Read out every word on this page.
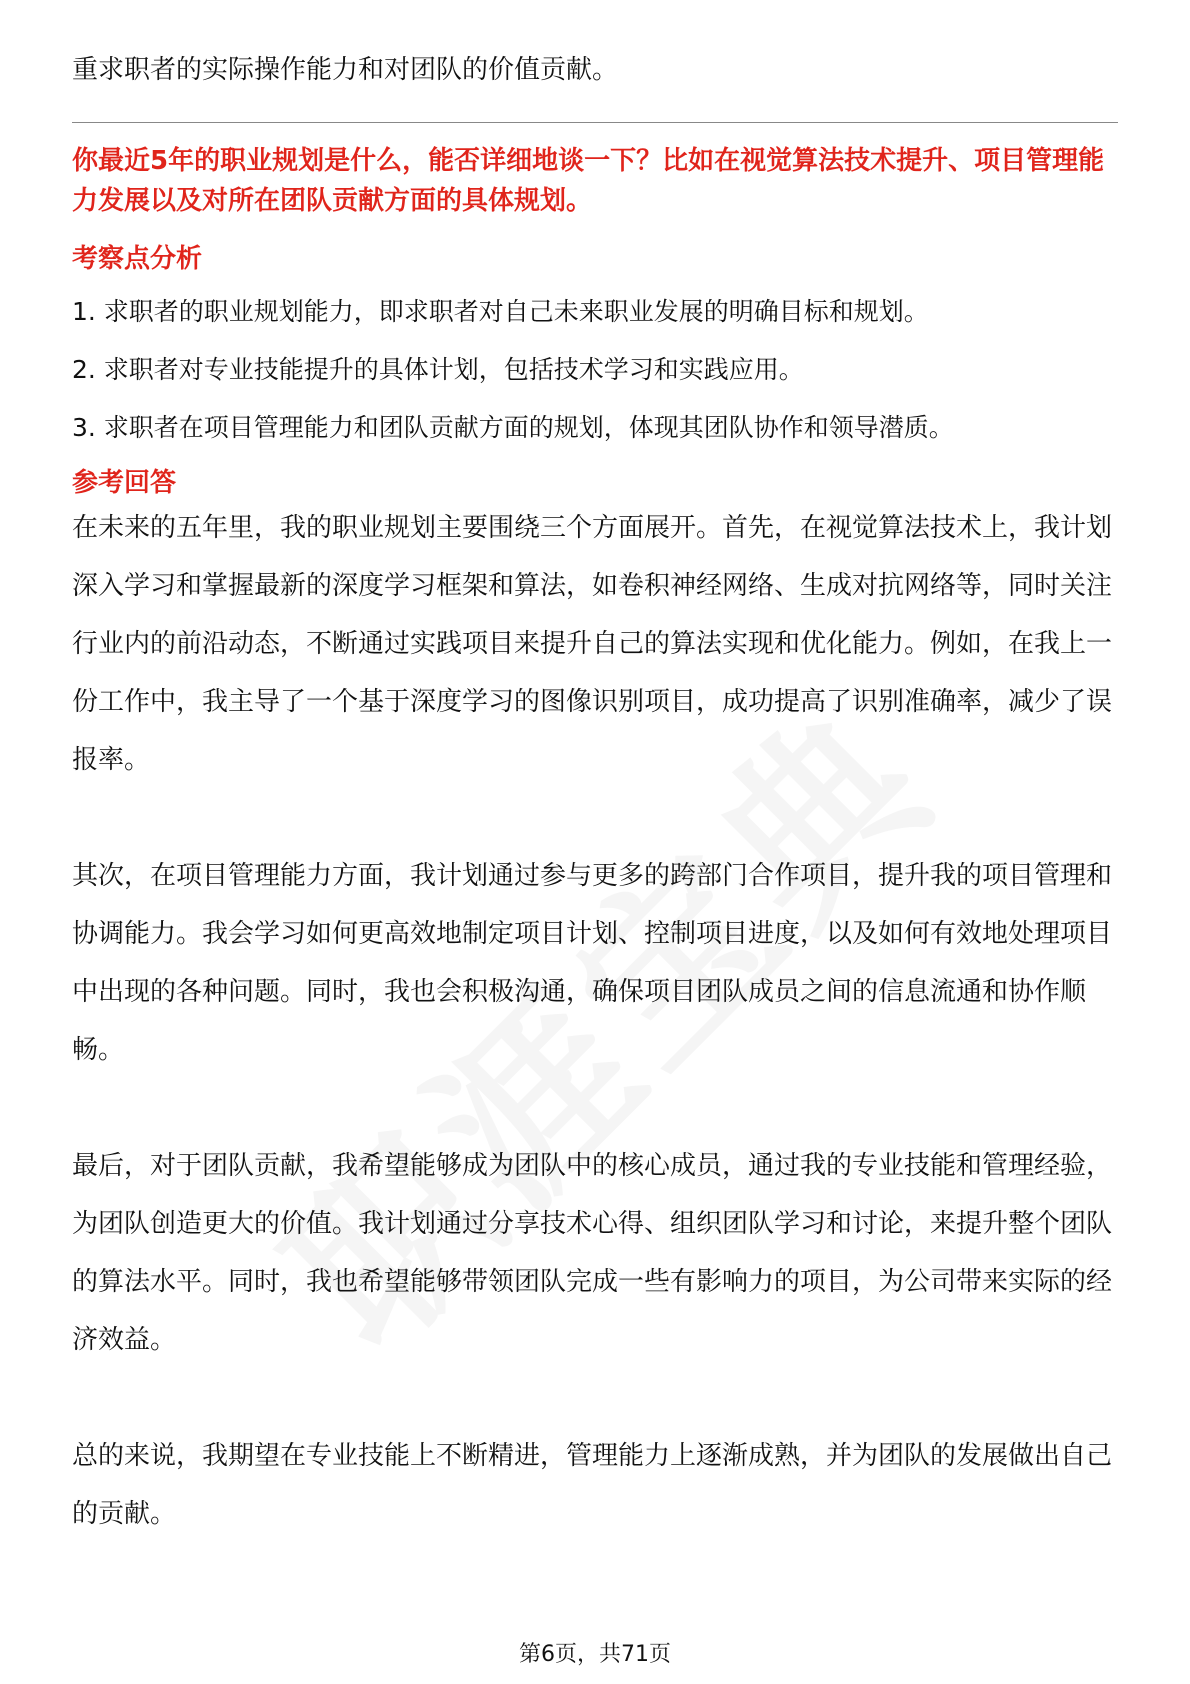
重求职者的实际操作能力和对团队的价值贡献。

你最近5年的职业规划是什么，能否详细地谈一下？比如在视觉算法技术提升、项目管理能力发展以及对所在团队贡献方面的具体规划。

考察点分析

1. 求职者的职业规划能力，即求职者对自己未来职业发展的明确目标和规划。

2. 求职者对专业技能提升的具体计划，包括技术学习和实践应用。

3. 求职者在项目管理能力和团队贡献方面的规划，体现其团队协作和领导潜质。

参考回答

在未来的五年里，我的职业规划主要围绕三个方面展开。首先，在视觉算法技术上，我计划深入学习和掌握最新的深度学习框架和算法，如卷积神经网络、生成对抗网络等，同时关注行业内的前沿动态，不断通过实践项目来提升自己的算法实现和优化能力。例如，在我上一份工作中，我主导了一个基于深度学习的图像识别项目，成功提高了识别准确率，减少了误报率。

其次，在项目管理能力方面，我计划通过参与更多的跨部门合作项目，提升我的项目管理和协调能力。我会学习如何更高效地制定项目计划、控制项目进度，以及如何有效地处理项目中出现的各种问题。同时，我也会积极沟通，确保项目团队成员之间的信息流通和协作顺畅。

最后，对于团队贡献，我希望能够成为团队中的核心成员，通过我的专业技能和管理经验，为团队创造更大的价值。我计划通过分享技术心得、组织团队学习和讨论，来提升整个团队的算法水平。同时，我也希望能够带领团队完成一些有影响力的项目，为公司带来实际的经济效益。

总的来说，我期望在专业技能上不断精进，管理能力上逐渐成熟，并为团队的发展做出自己的贡献。

第6页，共71页
